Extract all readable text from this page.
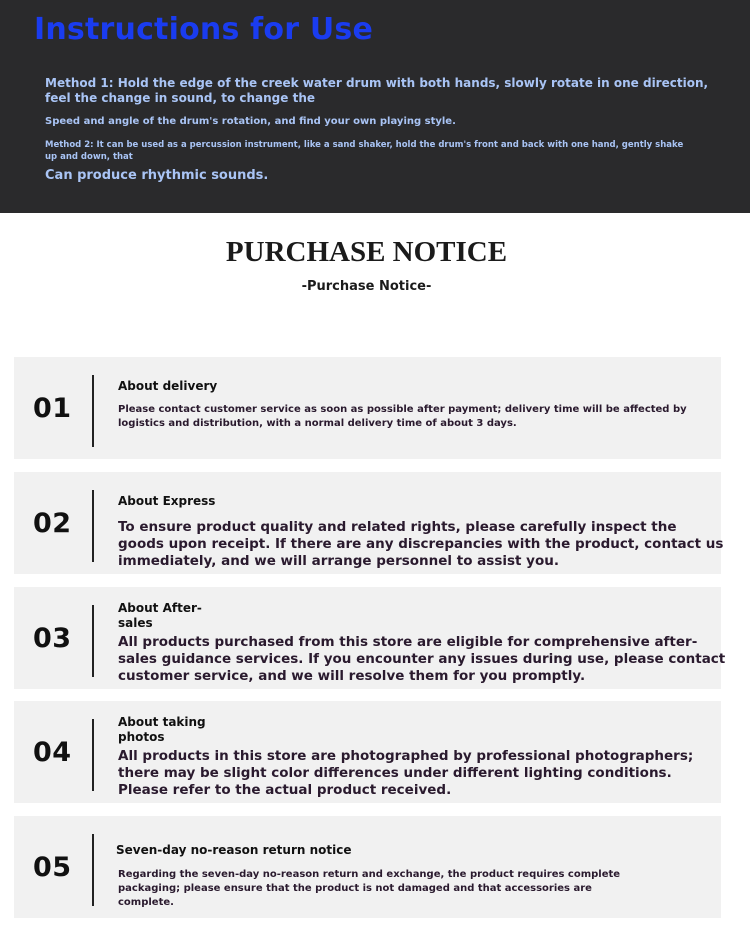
Instructions for Use
Method 1: Hold the edge of the creek water drum with both hands, slowly rotate in one direction, feel the change in sound, to change the
Speed and angle of the drum's rotation, and find your own playing style.
Method 2: It can be used as a percussion instrument, like a sand shaker, hold the drum's front and back with one hand, gently shake up and down, that
Can produce rhythmic sounds.
PURCHASE NOTICE
-Purchase Notice-
01
About delivery
Please contact customer service as soon as possible after payment; delivery time will be affected by logistics and distribution, with a normal delivery time of about 3 days.
02
About Express
To ensure product quality and related rights, please carefully inspect the goods upon receipt. If there are any discrepancies with the product, contact us immediately, and we will arrange personnel to assist you.
03
About After-sales
All products purchased from this store are eligible for comprehensive after-sales guidance services. If you encounter any issues during use, please contact customer service, and we will resolve them for you promptly.
04
About taking photos
All products in this store are photographed by professional photographers; there may be slight color differences under different lighting conditions. Please refer to the actual product received.
05
Seven-day no-reason return notice
Regarding the seven-day no-reason return and exchange, the product requires complete packaging; please ensure that the product is not damaged and that accessories are complete.
